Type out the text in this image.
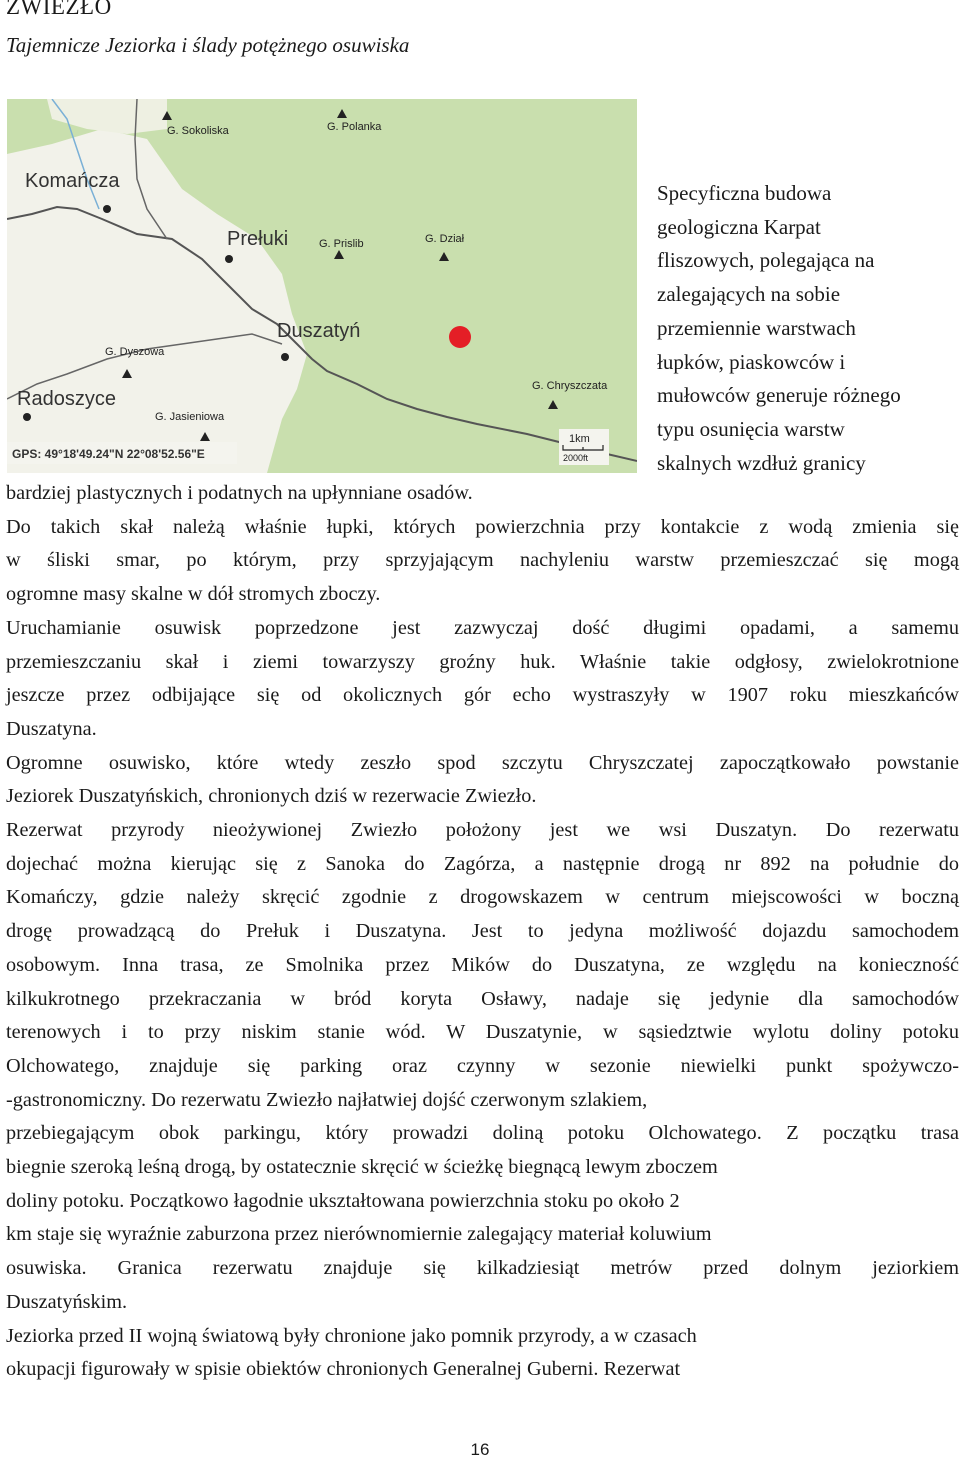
ZWIEZŁO
Tajemnicze Jeziorka i ślady potężnego osuwiska
G. Sokoliska	G. Polanka
Komańcza
Prełuki	G. Prislib	G. Dział
Duszatyń
G. Dyszowa
Radoszyce
G. Jasieniowa
G. Chryszczata
GPS: 49°18'49.24"N 22°08'52.56"E
1km
2000ft
Specyficzna budowa
geologiczna Karpat
fliszowych, polegająca na
zalegających na sobie
przemiennie warstwach
łupków, piaskowców i
mułowców generuje różnego
typu osunięcia warstw
skalnych wzdłuż granicy
bardziej plastycznych i podatnych na upłynniane osadów.
Do takich skał należą właśnie łupki, których powierzchnia przy kontakcie z wodą zmienia się
w śliski smar, po którym, przy sprzyjającym nachyleniu warstw przemieszczać się mogą
ogromne masy skalne w dół stromych zboczy.
Uruchamianie osuwisk poprzedzone jest zazwyczaj dość długimi opadami, a samemu
przemieszczaniu skał i ziemi towarzyszy groźny huk. Właśnie takie odgłosy, zwielokrotnione
jeszcze przez odbijające się od okolicznych gór echo wystraszyły w 1907 roku mieszkańców
Duszatyna.
Ogromne osuwisko, które wtedy zeszło spod szczytu Chryszczatej zapoczątkowało powstanie
Jeziorek Duszatyńskich, chronionych dziś w rezerwacie Zwiezło.
Rezerwat przyrody nieożywionej Zwiezło położony jest we wsi Duszatyn. Do rezerwatu
dojechać można kierując się z Sanoka do Zagórza, a następnie drogą nr 892 na południe do
Komańczy, gdzie należy skręcić zgodnie z drogowskazem w centrum miejscowości w boczną
drogę prowadzącą do Prełuk i Duszatyna. Jest to jedyna możliwość dojazdu samochodem
osobowym. Inna trasa, ze Smolnika przez Mików do Duszatyna, ze względu na konieczność
kilkukrotnego przekraczania w bród koryta Osławy, nadaje się jedynie dla samochodów
terenowych i to przy niskim stanie wód. W Duszatynie, w sąsiedztwie wylotu doliny potoku
Olchowatego, znajduje się parking oraz czynny w sezonie niewielki punkt spożywczo-
-gastronomiczny. Do rezerwatu Zwiezło najłatwiej dojść czerwonym szlakiem,
przebiegającym obok parkingu, który prowadzi doliną potoku Olchowatego. Z początku trasa
biegnie szeroką leśną drogą, by ostatecznie skręcić w ścieżkę biegnącą lewym zboczem
doliny potoku. Początkowo łagodnie ukształtowana powierzchnia stoku po około 2
km staje się wyraźnie zaburzona przez nierównomiernie zalegający materiał koluwium
osuwiska. Granica rezerwatu znajduje się kilkadziesiąt metrów przed dolnym jeziorkiem
Duszatyńskim.
Jeziorka przed II wojną światową były chronione jako pomnik przyrody, a w czasach
okupacji figurowały w spisie obiektów chronionych Generalnej Guberni. Rezerwat
16
